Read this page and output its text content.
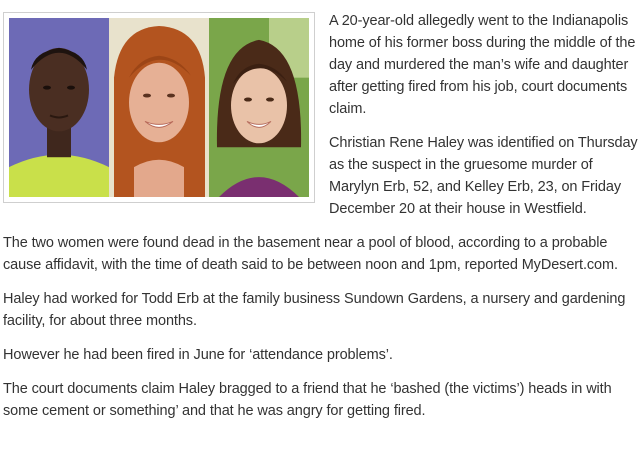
A 20-year-old allegedly went to the Indianapolis home of his former boss during the middle of the day and murdered the man’s wife and daughter after getting fired from his job, court documents claim.

Christian Rene Haley was identified on Thursday as the suspect in the gruesome murder of Marylyn Erb, 52, and Kelley Erb, 23, on Friday December 20 at their house in Westfield.

The two women were found dead in the basement near a pool of blood, according to a probable cause affidavit, with the time of death said to be between noon and 1pm, reported MyDesert.com.

Haley had worked for Todd Erb at the family business Sundown Gardens, a nursery and gardening facility, for about three months.

However he had been fired in June for ‘attendance problems’.

The court documents claim Haley bragged to a friend that he ‘bashed (the victims’) heads in with some cement or something’ and that he was angry for getting fired.
